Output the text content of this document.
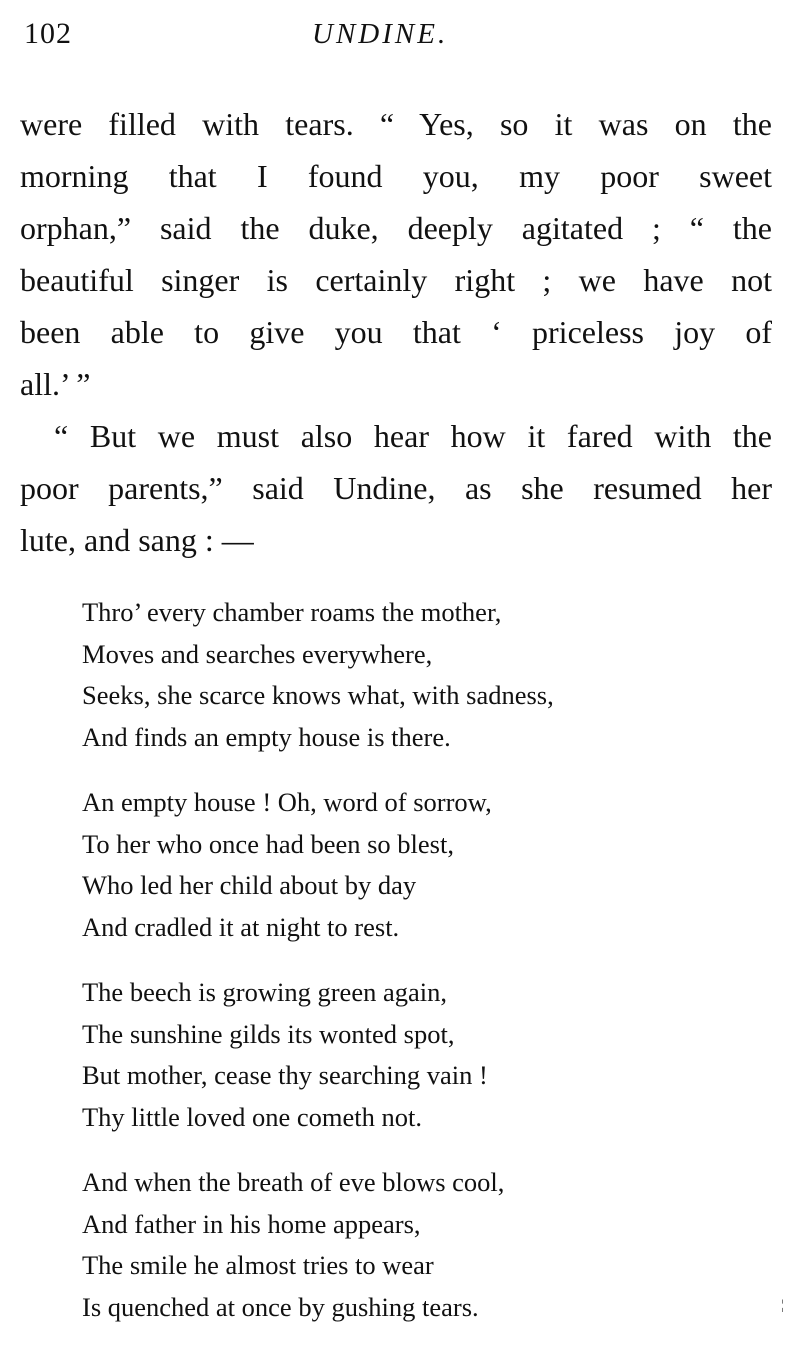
102	UNDINE.
were filled with tears. “ Yes, so it was on the
morning that I found you, my poor sweet
orphan,” said the duke, deeply agitated ; “ the
beautiful singer is certainly right ; we have not
been able to give you that ‘ priceless joy of
all.’ ”
“ But we must also hear how it fared with the
poor parents,” said Undine, as she resumed her
lute, and sang : —
Thro’ every chamber roams the mother,
Moves and searches everywhere,
Seeks, she scarce knows what, with sadness,
And finds an empty house is there.
An empty house ! Oh, word of sorrow,
To her who once had been so blest,
Who led her child about by day
And cradled it at night to rest.
The beech is growing green again,
The sunshine gilds its wonted spot,
But mother, cease thy searching vain !
Thy little loved one cometh not.
And when the breath of eve blows cool,
And father in his home appears,
The smile he almost tries to wear
Is quenched at once by gushing tears.	¦
